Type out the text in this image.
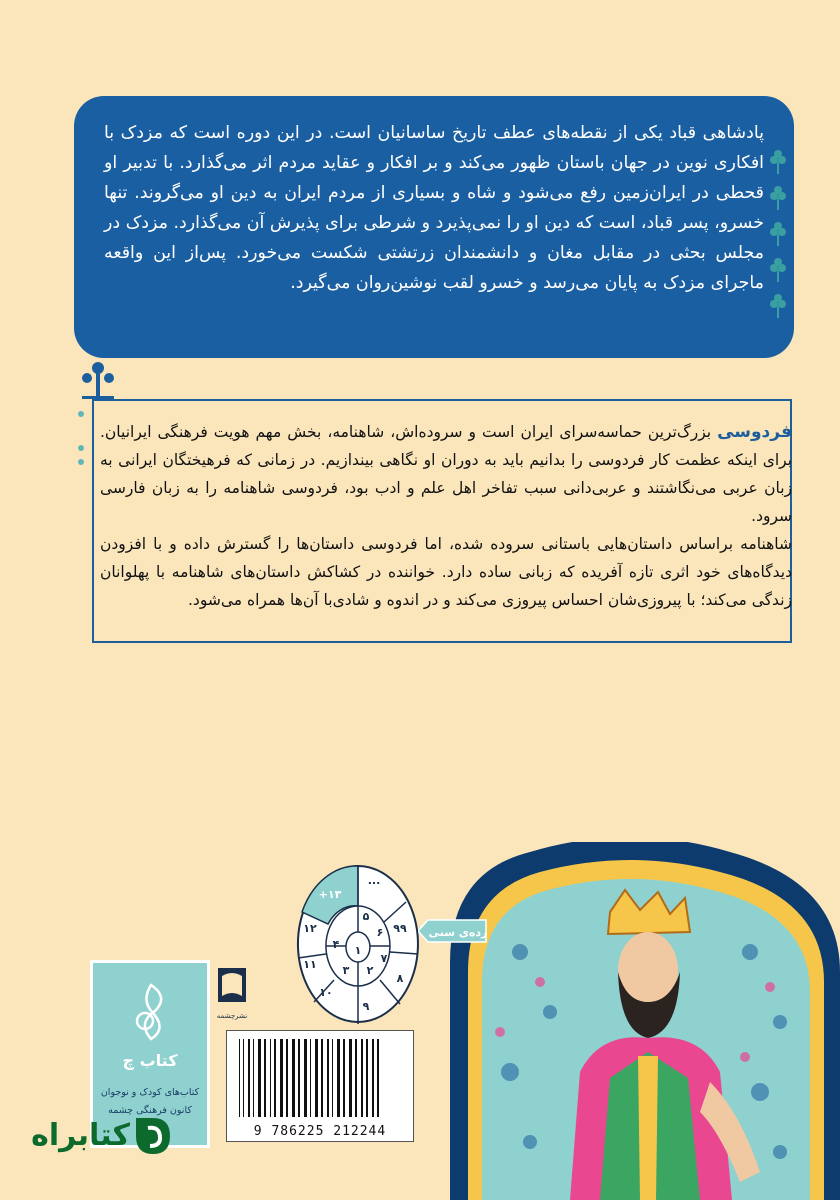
پادشاهی قباد یکی از نقطه‌های عطف تاریخ ساسانیان است. در این دوره است که مزدک با افکاری نوین در جهان باستان ظهور می‌کند و بر افکار و عقاید مردم اثر می‌گذارد. با تدبیر او قحطی در ایران‌زمین رفع می‌شود و شاه و بسیاری از مردم ایران به دین او می‌گروند. تنها خسرو، پسر قباد، است که دین او را نمی‌پذیرد و شرطی برای پذیرش آن می‌گذارد. مزدک در مجلس بحثی در مقابل مغان و دانشمندان زرتشتی شکست می‌خورد. پس‌از این واقعه ماجرای مزدک به پایان می‌رسد و خسرو لقب نوشین‌روان می‌گیرد.

فردوسی بزرگ‌ترین حماسه‌سرای ایران است و سروده‌اش، شاهنامه، بخش مهم هویت فرهنگی ایرانیان. برای اینکه عظمت کار فردوسی را بدانیم باید به دوران او نگاهی بیندازیم. در زمانی که فرهیختگان ایرانی به زبان عربی می‌نگاشتند و عربی‌دانی سبب تفاخر اهل علم و ادب بود، فردوسی شاهنامه را به زبان فارسی سرود.

شاهنامه براساس داستان‌هایی باستانی سروده شده، اما فردوسی داستان‌ها را گسترش داده و با افزودن دیدگاه‌های خود اثری تازه آفریده که زبانی ساده دارد. خواننده در کشاکش داستان‌های شاهنامه با پهلوانان زندگی می‌کند؛ با پیروزی‌شان احساس پیروزی می‌کند و در اندوه و شادی‌با آن‌ها همراه می‌شود.

+۱۳
...
۹۹
۸
۹
۱۰
۱۱
۱۲
۵
۶
۷
۲
۳
۴ ۱
رده‌ی سنی
نشرچشمه
کتاب ‌چ
کتاب‌های کودک و نوجوان
کانون فرهنگی چشمه
9 786225 212244
کتابراه
